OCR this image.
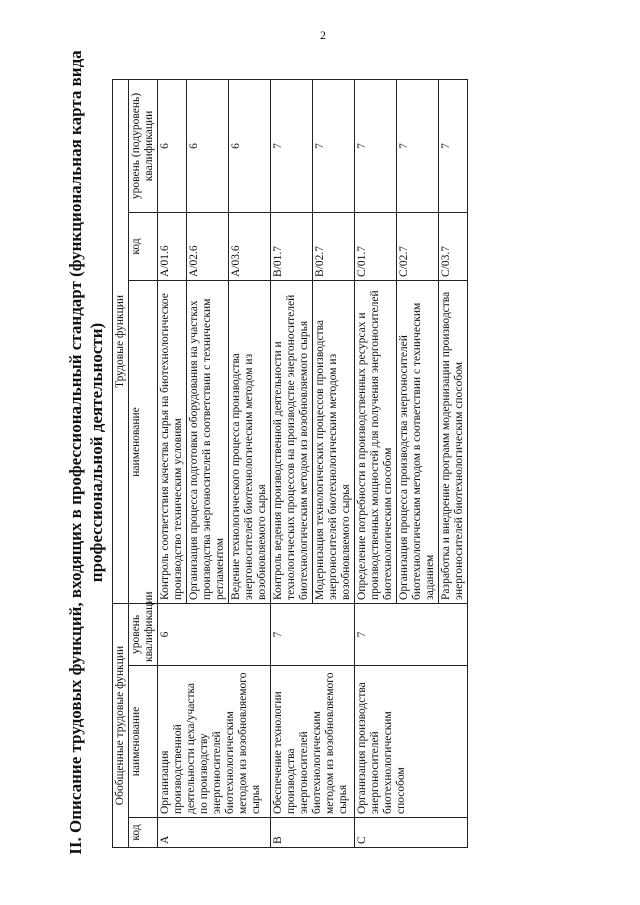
2
II. Описание трудовых функций, входящих в профессиональный стандарт (функциональная карта вида профессиональной деятельности)
Обобщенные трудовые функции			Трудовые функции		
код	наименование	уровень квалификации	наименование	код	уровень (подуровень) квалификации
A	Организация производственной деятельности цеха/участка по производству энергоносителей биотехнологическим методом из возобновляемого сырья	6	Контроль соответствия качества сырья на биотехнологическое производство техническим условиям	A/01.6	6
			Организация процесса подготовки оборудования на участках производства энергоносителей в соответствии с техническим регламентом	A/02.6	6
			Ведение технологического процесса производства энергоносителей биотехнологическим методом из возобновляемого сырья	A/03.6	6
B	Обеспечение технологии производства энергоносителей биотехнологическим методом из возобновляемого сырья	7	Контроль ведения производственной деятельности и технологических процессов на производстве энергоносителей биотехнологическим методом из возобновляемого сырья	B/01.7	7
			Модернизация технологических процессов производства энергоносителей биотехнологическим методом из возобновляемого сырья	B/02.7	7
C	Организация производства энергоносителей биотехнологическим способом	7	Определение потребности в производственных ресурсах и производственных мощностей для получения энергоносителей биотехнологическим способом	C/01.7	7
			Организация процесса производства энергоносителей биотехнологическим методом в соответствии с техническим заданием	C/02.7	7
			Разработка и внедрение программ модернизации производства энергоносителей биотехнологическим способом	C/03.7	7
